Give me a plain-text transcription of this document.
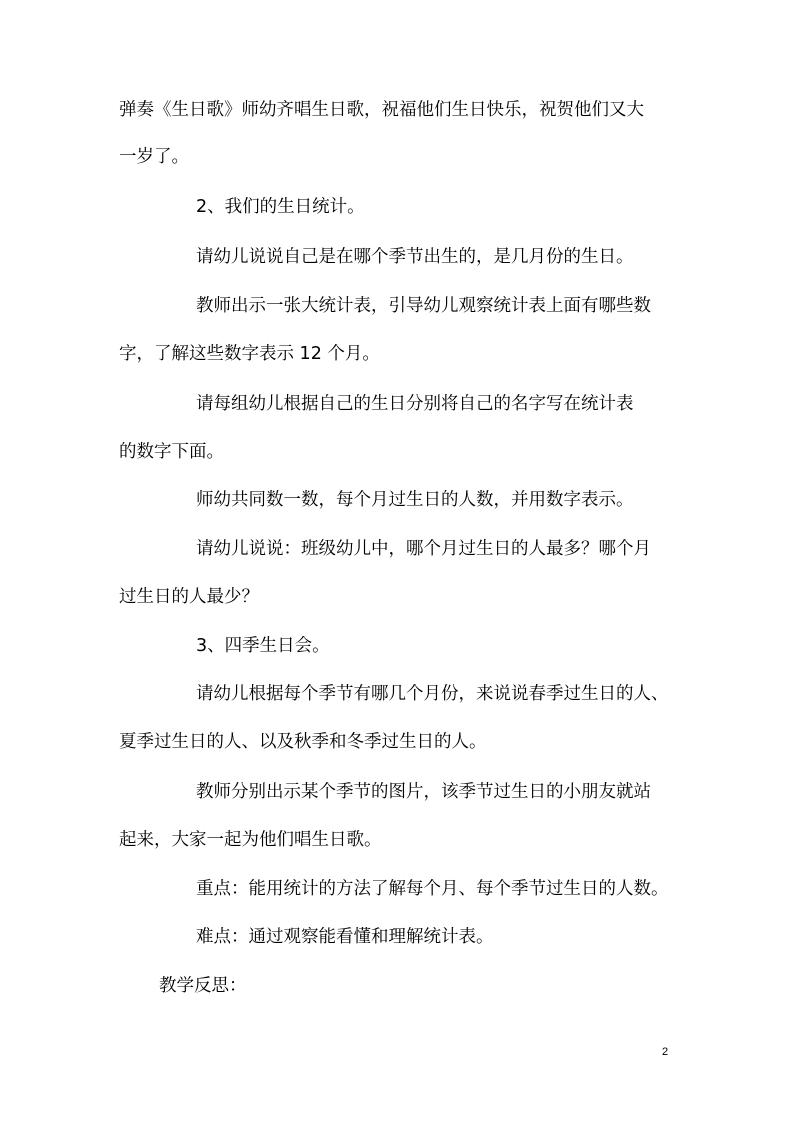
弹奏《生日歌》师幼齐唱生日歌，祝福他们生日快乐，祝贺他们又大

一岁了。

2、我们的生日统计。

请幼儿说说自己是在哪个季节出生的，是几月份的生日。

教师出示一张大统计表，引导幼儿观察统计表上面有哪些数

字，了解这些数字表示 12 个月。

请每组幼儿根据自己的生日分别将自己的名字写在统计表

的数字下面。

师幼共同数一数，每个月过生日的人数，并用数字表示。

请幼儿说说：班级幼儿中，哪个月过生日的人最多？哪个月

过生日的人最少？

3、四季生日会。

请幼儿根据每个季节有哪几个月份，来说说春季过生日的人、

夏季过生日的人、以及秋季和冬季过生日的人。

教师分别出示某个季节的图片，该季节过生日的小朋友就站

起来，大家一起为他们唱生日歌。

重点：能用统计的方法了解每个月、每个季节过生日的人数。

难点：通过观察能看懂和理解统计表。

教学反思：

2
